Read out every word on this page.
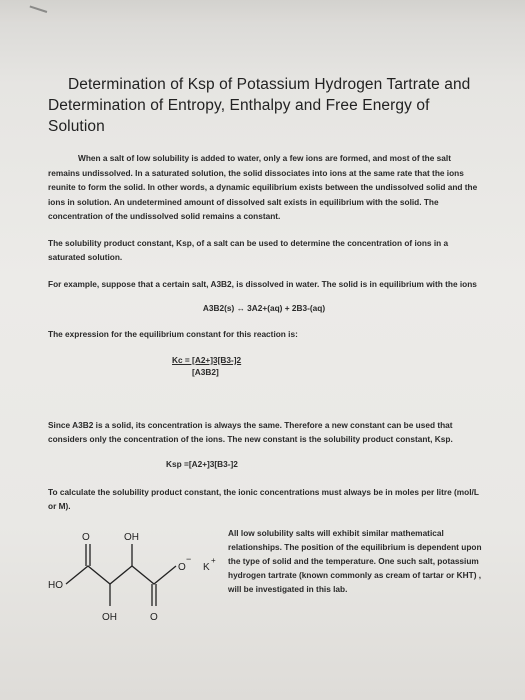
Determination of Ksp of Potassium Hydrogen Tartrate and
Determination of Entropy, Enthalpy and Free Energy of Solution

When a salt of low solubility is added to water, only a few ions are formed, and most of the salt remains undissolved. In a saturated solution, the solid dissociates into ions at the same rate that the ions reunite to form the solid. In other words, a dynamic equilibrium exists between the undissolved solid and the ions in solution. An undetermined amount of dissolved salt exists in equilibrium with the solid. The concentration of the undissolved solid remains a constant.

The solubility product constant, Ksp, of a salt can be used to determine the concentration of ions in a saturated solution.

For example, suppose that a certain salt, A3B2, is dissolved in water. The solid is in equilibrium with the ions

A3B2(s) ↔ 3A2+(aq) + 2B3-(aq)

The expression for the equilibrium constant for this reaction is:

Kc = [A2+]3[B3-]2
[A3B2]

Since A3B2 is a solid, its concentration is always the same. Therefore a new constant can be used that considers only the concentration of the ions. The new constant is the solubility product constant, Ksp.

Ksp =[A2+]3[B3-]2

To calculate the solubility product constant, the ionic concentrations must always be in moles per litre (mol/L or M).

O	OH
O
−
K
+
HO
OH	O
All low solubility salts will exhibit similar mathematical relationships. The position of the equilibrium is dependent upon the type of solid and the temperature. One such salt, potassium hydrogen tartrate (known commonly as cream of tartar or KHT) , will be investigated in this lab.
